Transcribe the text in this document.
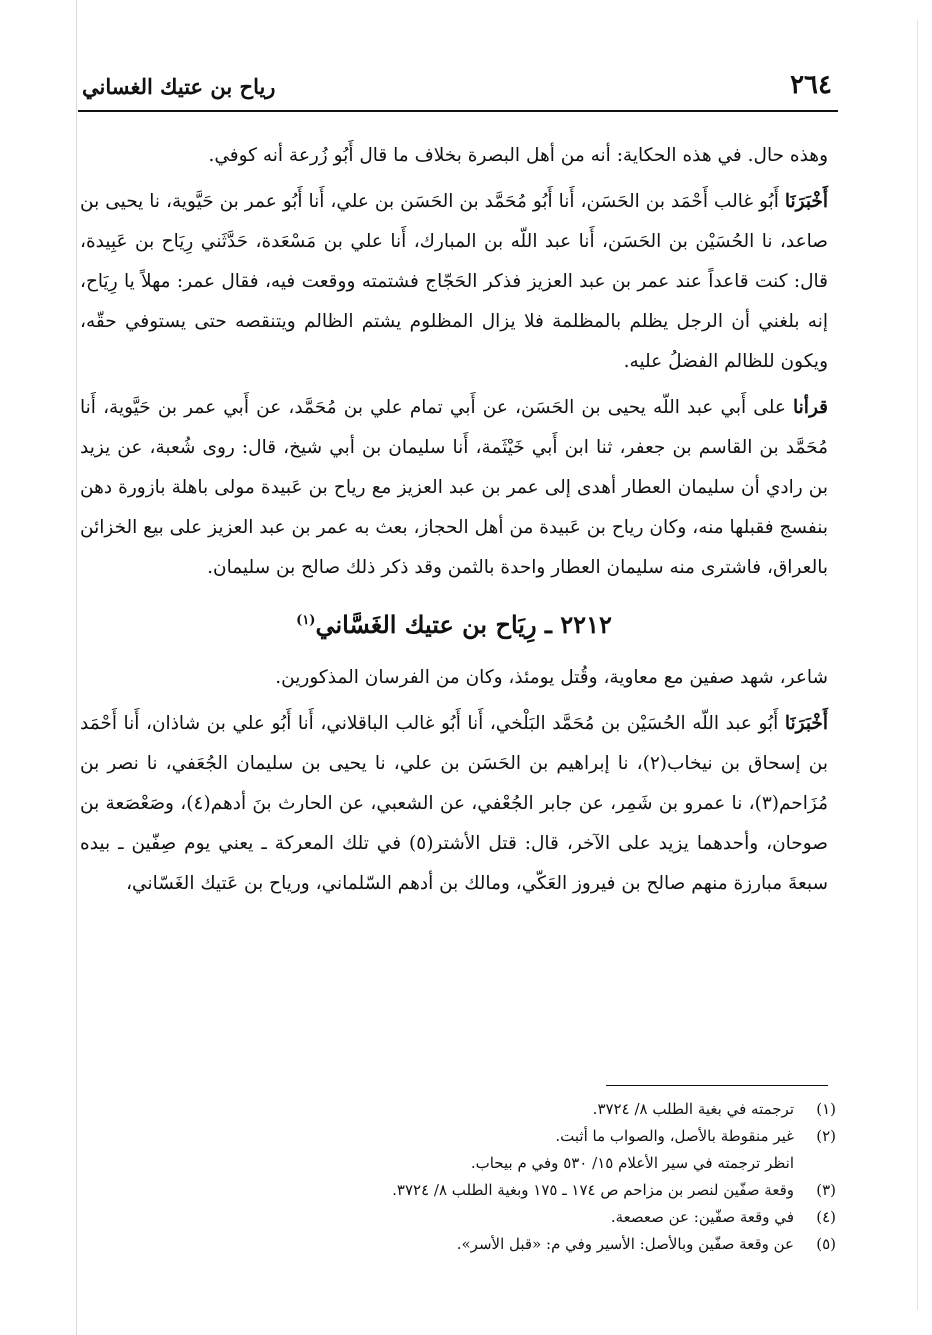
٢٦٤
رياح بن عتيك الغساني

وهذه حال. في هذه الحكاية: أنه من أهل البصرة بخلاف ما قال أَبُو زُرعة أنه كوفي.

أَخْبَرَنَا أَبُو غالب أَحْمَد بن الحَسَن، أَنا أَبُو مُحَمَّد بن الحَسَن بن علي، أَنا أَبُو عمر بن حَيَّوية، نا يحيى بن صاعد، نا الحُسَيْن بن الحَسَن، أَنا عبد اللّه بن المبارك، أَنا علي بن مَسْعَدة، حَدَّثَني رِيَاح بن عَبِيدة، قال: كنت قاعداً عند عمر بن عبد العزيز فذكر الحَجّاج فشتمته ووقعت فيه، فقال عمر: مهلاً يا رِيَاح، إنه بلغني أن الرجل يظلم بالمظلمة فلا يزال المظلوم يشتم الظالم ويتنقصه حتى يستوفي حقّه، ويكون للظالم الفضلُ عليه.

قرأنا على أَبي عبد اللّه يحيى بن الحَسَن، عن أَبي تمام علي بن مُحَمَّد، عن أَبي عمر بن حَيَّوية، أَنا مُحَمَّد بن القاسم بن جعفر، ثنا ابن أَبي خَيْثَمة، أَنا سليمان بن أبي شيخ، قال: روى شُعبة، عن يزيد بن رادي أن سليمان العطار أهدى إلى عمر بن عبد العزيز مع رياح بن عَبيدة مولى باهلة بازورة دهن بنفسج فقبلها منه، وكان رياح بن عَبيدة من أهل الحجاز، بعث به عمر بن عبد العزيز على بيع الخزائن بالعراق، فاشترى منه سليمان العطار واحدة بالثمن وقد ذكر ذلك صالح بن سليمان.

٢٢١٢ ـ رِيَاح بن عتيك الغَسَّاني$^{(١)}$

شاعر، شهد صفين مع معاوية، وقُتل يومئذ، وكان من الفرسان المذكورين.

أَخْبَرَنَا أَبُو عبد اللّه الحُسَيْن بن مُحَمَّد البَلْخي، أَنا أَبُو غالب الباقلاني، أَنا أَبُو علي بن شاذان، أَنا أَحْمَد بن إسحاق بن نيخاب(٢)، نا إبراهيم بن الحَسَن بن علي، نا يحيى بن سليمان الجُعَفي، نا نصر بن مُزَاحم(٣)، نا عمرو بن شَمِر، عن جابر الجُعْفي، عن الشعبي، عن الحارث بنَ أدهم(٤)، وصَعْصَعة بن صوحان، وأحدهما يزيد على الآخر، قال: قتل الأشتر(٥) في تلك المعركة ـ يعني يوم صِفّين ـ بيده سبعةَ مبارزة منهم صالح بن فيروز العَكّي، ومالك بن أدهم السّلماني، ورياح بن عَتيك الغَسّاني،

(١)
ترجمته في بغية الطلب ٨/ ٣٧٢٤.
(٢)
غير منقوطة بالأصل، والصواب ما أثبت.
انظر ترجمته في سير الأعلام ١٥/ ٥٣٠ وفي م بيحاب.
(٣)
وقعة صفّين لنصر بن مزاحم ص ١٧٤ ـ ١٧٥ وبغية الطلب ٨/ ٣٧٢٤.
(٤)
في وقعة صفّين: عن صعصعة.
(٥)
عن وقعة صفّين وبالأصل: الأسير وفي م: «قبل الأسر».
